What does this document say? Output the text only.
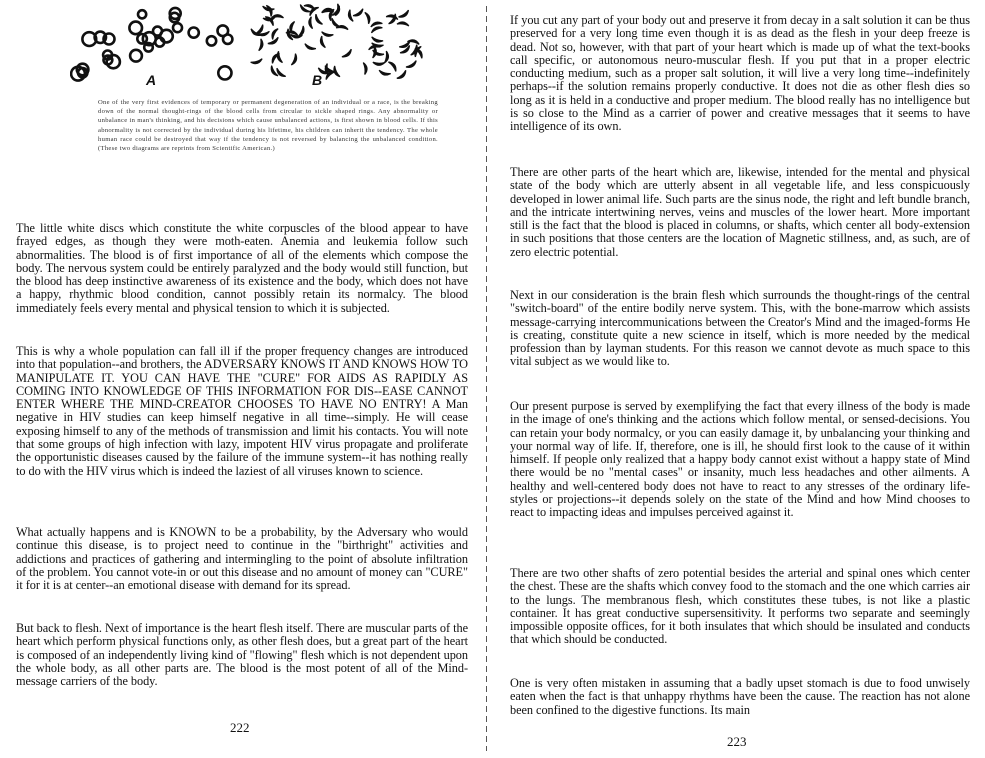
A	B

One of the very first evidences of temporary or permanent degeneration of an individual or a race, is the breaking down of the normal thought-rings of the blood cells from circular to sickle shaped rings. Any abnormality or unbalance in man's thinking, and his decisions which cause unbalanced actions, is first shown in blood cells. If this abnormality is not corrected by the individual during his lifetime, his children can inherit the tendency. The whole human race could be destroyed that way if the tendency is not reversed by balancing the unbalanced condition. (These two diagrams are reprints from Scientific American.)

The little white discs which constitute the white corpuscles of the blood appear to have frayed edges, as though they were moth-eaten. Anemia and leukemia follow such abnormalities. The blood is of first importance of all of the elements which compose the body. The nervous system could be entirely paralyzed and the body would still function, but the blood has deep instinctive awareness of its existence and the body, which does not have a happy, rhythmic blood condition, cannot possibly retain its normalcy. The blood immediately feels every mental and physical tension to which it is subjected.

This is why a whole population can fall ill if the proper frequency changes are introduced into that population--and brothers, the ADVERSARY KNOWS IT AND KNOWS HOW TO MANIPULATE IT. YOU CAN HAVE THE "CURE" FOR AIDS AS RAPIDLY AS COMING INTO KNOWLEDGE OF THIS INFORMATION FOR DIS--EASE CANNOT ENTER WHERE THE MIND-CREATOR CHOOSES TO HAVE NO ENTRY! A Man negative in HIV studies can keep himself negative in all time--simply. He will cease exposing himself to any of the methods of transmission and limit his contacts. You will note that some groups of high infection with lazy, impotent HIV virus propagate and proliferate the opportunistic diseases caused by the failure of the immune system--it has nothing really to do with the HIV virus which is indeed the laziest of all viruses known to science.

What actually happens and is KNOWN to be a probability, by the Adversary who would continue this disease, is to project need to continue in the "birthright" activities and addictions and practices of gathering and intermingling to the point of absolute infiltration of the problem. You cannot vote-in or out this disease and no amount of money can "CURE" it for it is at center--an emotional disease with demand for its spread.

But back to flesh. Next of importance is the heart flesh itself. There are muscular parts of the heart which perform physical functions only, as other flesh does, but a great part of the heart is composed of an independently living kind of "flowing" flesh which is not dependent upon the whole body, as all other parts are. The blood is the most potent of all of the Mind-message carriers of the body.

222

If you cut any part of your body out and preserve it from decay in a salt solution it can be thus preserved for a very long time even though it is as dead as the flesh in your deep freeze is dead. Not so, however, with that part of your heart which is made up of what the text-books call specific, or autonomous neuro-muscular flesh. If you put that in a proper electric conducting medium, such as a proper salt solution, it will live a very long time--indefinitely perhaps--if the solution remains properly conductive. It does not die as other flesh dies so long as it is held in a conductive and proper medium. The blood really has no intelligence but is so close to the Mind as a carrier of power and creative messages that it seems to have intelligence of its own.

There are other parts of the heart which are, likewise, intended for the mental and physical state of the body which are utterly absent in all vegetable life, and less conspicuously developed in lower animal life. Such parts are the sinus node, the right and left bundle branch, and the intricate intertwining nerves, veins and muscles of the lower heart. More important still is the fact that the blood is placed in columns, or shafts, which center all body-extension in such positions that those centers are the location of Magnetic stillness, and, as such, are of zero electric potential.

Next in our consideration is the brain flesh which surrounds the thought-rings of the central "switch-board" of the entire bodily nerve system. This, with the bone-marrow which assists message-carrying intercommunications between the Creator's Mind and the imaged-forms He is creating, constitute quite a new science in itself, which is more needed by the medical profession than by layman students. For this reason we cannot devote as much space to this vital subject as we would like to.

Our present purpose is served by exemplifying the fact that every illness of the body is made in the image of one's thinking and the actions which follow mental, or sensed-decisions. You can retain your body normalcy, or you can easily damage it, by unbalancing your thinking and your normal way of life. If, therefore, one is ill, he should first look to the cause of it within himself. If people only realized that a happy body cannot exist without a happy state of Mind there would be no "mental cases" or insanity, much less headaches and other ailments. A healthy and well-centered body does not have to react to any stresses of the ordinary life-styles or projections--it depends solely on the state of the Mind and how Mind chooses to react to impacting ideas and impulses perceived against it.

There are two other shafts of zero potential besides the arterial and spinal ones which center the chest. These are the shafts which convey food to the stomach and the one which carries air to the lungs. The membranous flesh, which constitutes these tubes, is not like a plastic container. It has great conductive supersensitivity. It performs two separate and seemingly impossible opposite offices, for it both insulates that which should be insulated and conducts that which should be conducted.

One is very often mistaken in assuming that a badly upset stomach is due to food unwisely eaten when the fact is that unhappy rhythms have been the cause. The reaction has not alone been confined to the digestive functions. Its main

223
